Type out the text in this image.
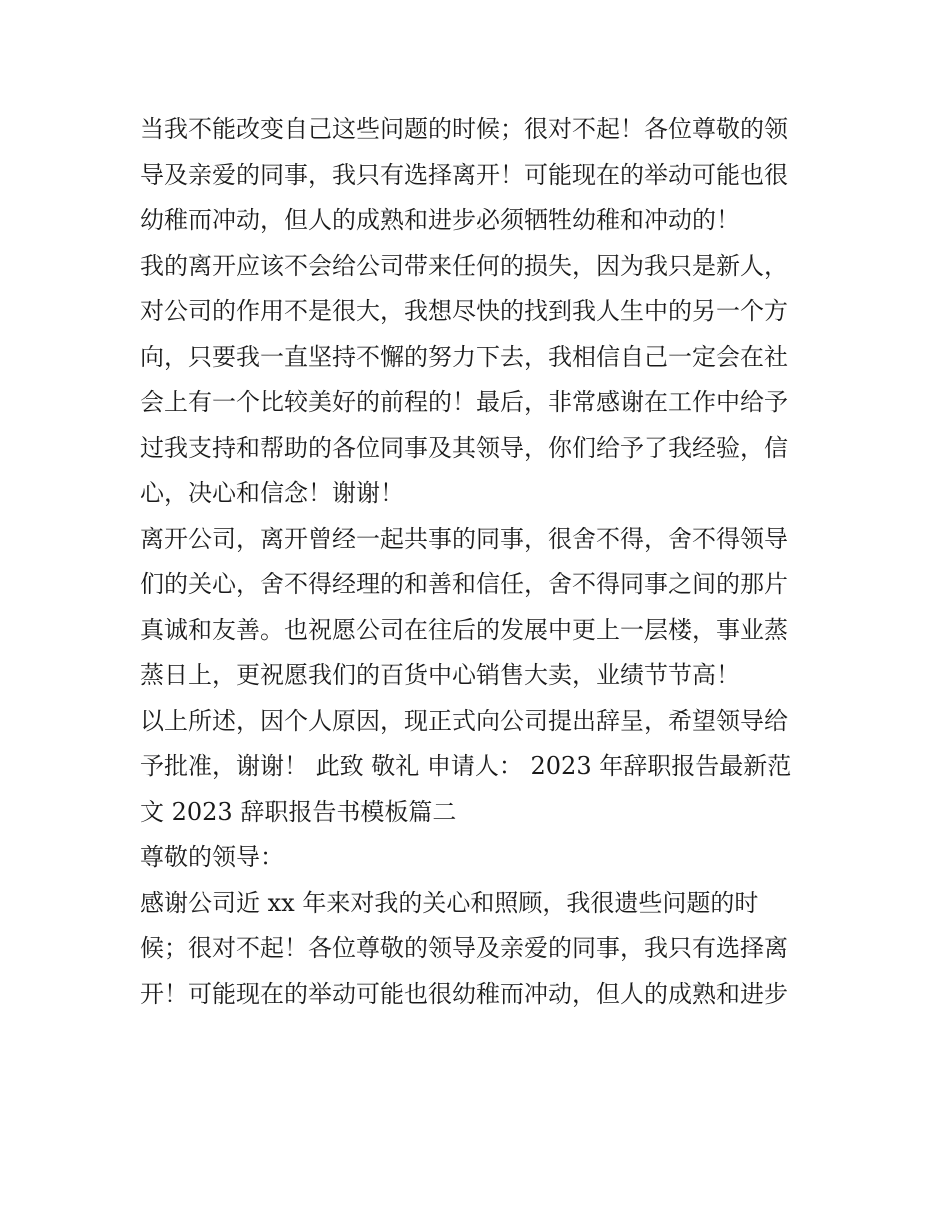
当我不能改变自己这些问题的时候；很对不起！各位尊敬的领
导及亲爱的同事，我只有选择离开！可能现在的举动可能也很
幼稚而冲动，但人的成熟和进步必须牺牲幼稚和冲动的！
我的离开应该不会给公司带来任何的损失，因为我只是新人，
对公司的作用不是很大，我想尽快的找到我人生中的另一个方
向，只要我一直坚持不懈的努力下去，我相信自己一定会在社
会上有一个比较美好的前程的！最后，非常感谢在工作中给予
过我支持和帮助的各位同事及其领导，你们给予了我经验，信
心，决心和信念！谢谢！
离开公司，离开曾经一起共事的同事，很舍不得，舍不得领导
们的关心，舍不得经理的和善和信任，舍不得同事之间的那片
真诚和友善。也祝愿公司在往后的发展中更上一层楼，事业蒸
蒸日上，更祝愿我们的百货中心销售大卖，业绩节节高！
以上所述，因个人原因，现正式向公司提出辞呈，希望领导给
予批准，谢谢！ 此致 敬礼 申请人： 2023 年辞职报告最新范
文 2023 辞职报告书模板篇二
尊敬的领导：
感谢公司近 xx 年来对我的关心和照顾，我很遗些问题的时
候；很对不起！各位尊敬的领导及亲爱的同事，我只有选择离
开！可能现在的举动可能也很幼稚而冲动，但人的成熟和进步
